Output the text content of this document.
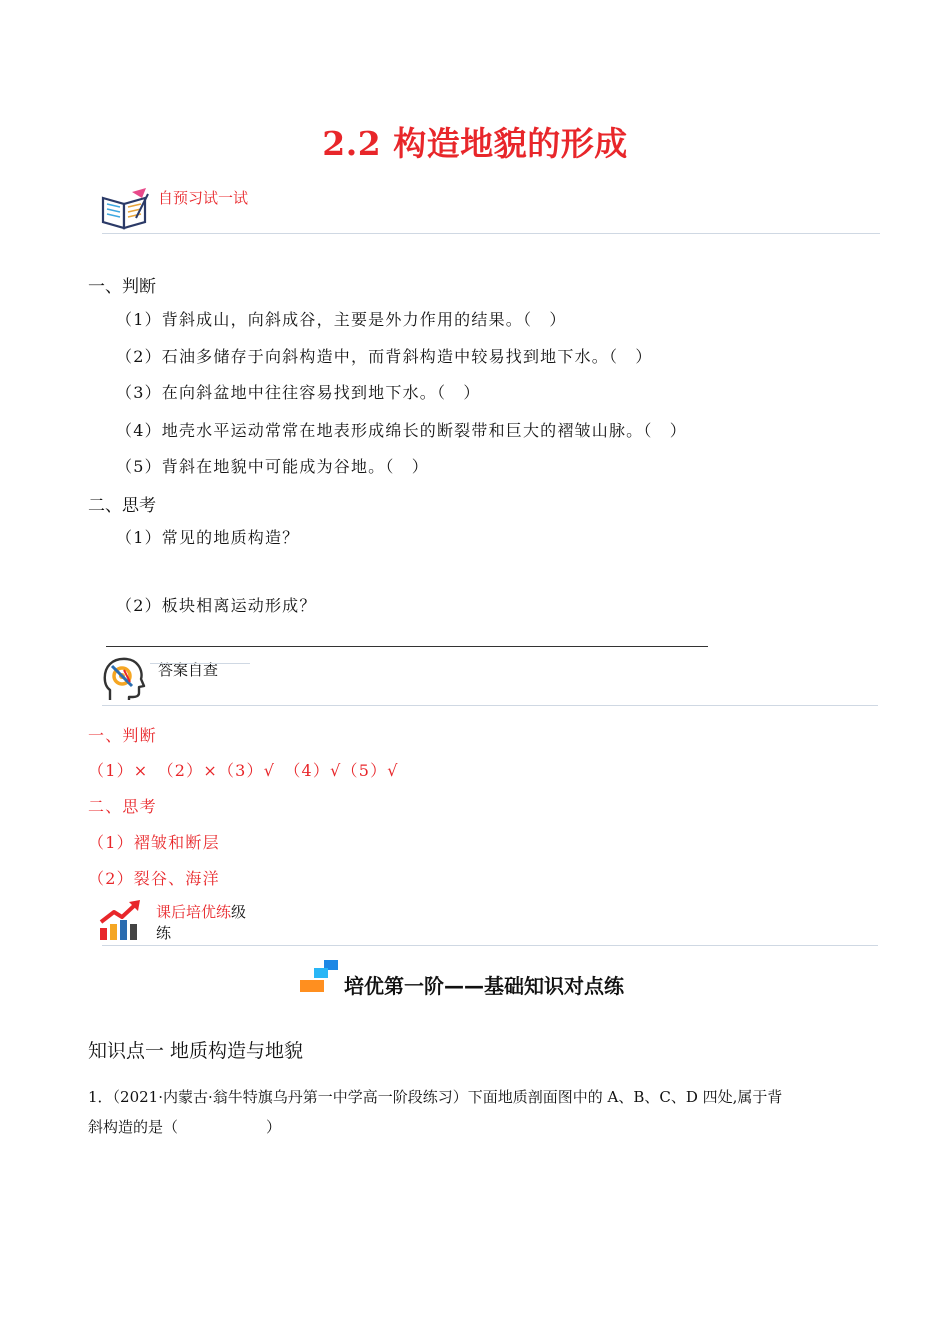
2.2 构造地貌的形成
自预习试一试
一、判断
（1）背斜成山，向斜成谷，主要是外力作用的结果。（　）
（2）石油多储存于向斜构造中，而背斜构造中较易找到地下水。（　）
（3）在向斜盆地中往往容易找到地下水。（　）
（4）地壳水平运动常常在地表形成绵长的断裂带和巨大的褶皱山脉。（　）
（5）背斜在地貌中可能成为谷地。（　）
二、思考
（1）常见的地质构造？
（2）板块相离运动形成？
答案自查
一、判断
（1）×　（2）×（3）√　（4）√（5）√
二、思考
（1）褶皱和断层
（2）裂谷、海洋
课后培优练级
练
培优第一阶——基础知识对点练
知识点一 地质构造与地貌
1．（2021·内蒙古·翁牛特旗乌丹第一中学高一阶段练习）下面地质剖面图中的 A、B、C、D 四处,属于背
斜构造的是（	）
